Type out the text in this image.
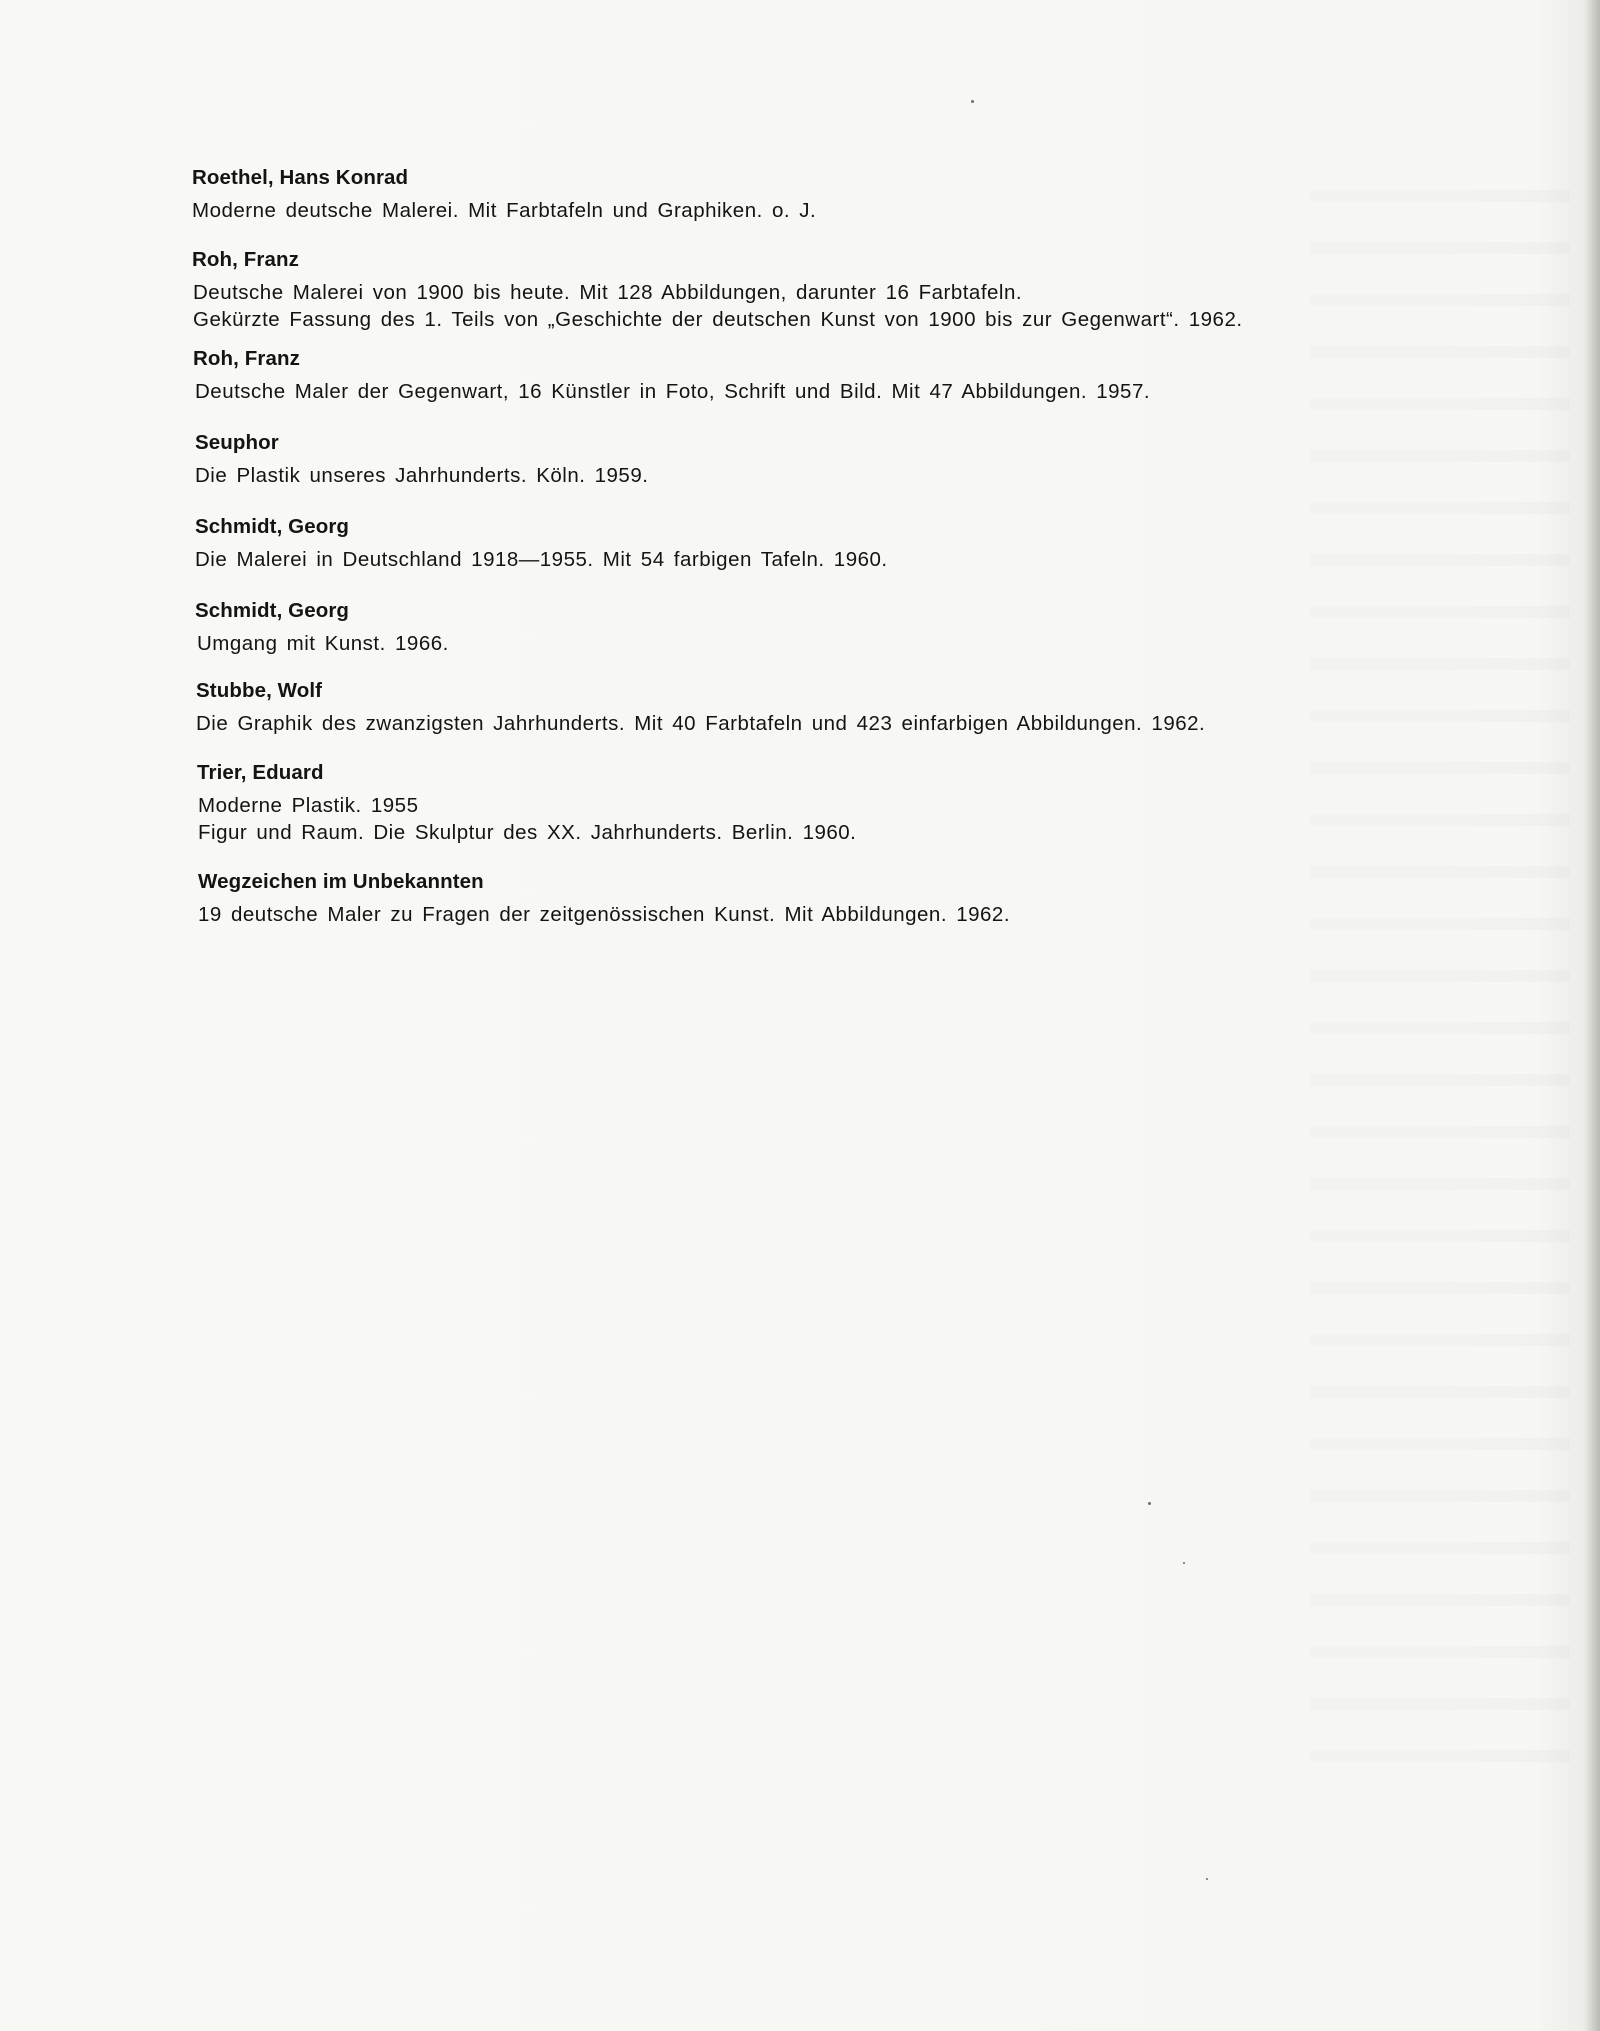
Roethel, Hans Konrad
Moderne deutsche Malerei. Mit Farbtafeln und Graphiken. o. J.
Roh, Franz
Deutsche Malerei von 1900 bis heute. Mit 128 Abbildungen, darunter 16 Farbtafeln.
Gekürzte Fassung des 1. Teils von „Geschichte der deutschen Kunst von 1900 bis zur Gegenwart“. 1962.
Roh, Franz
Deutsche Maler der Gegenwart, 16 Künstler in Foto, Schrift und Bild. Mit 47 Abbildungen. 1957.
Seuphor
Die Plastik unseres Jahrhunderts. Köln. 1959.
Schmidt, Georg
Die Malerei in Deutschland 1918—1955. Mit 54 farbigen Tafeln. 1960.
Schmidt, Georg
Umgang mit Kunst. 1966.
Stubbe, Wolf
Die Graphik des zwanzigsten Jahrhunderts. Mit 40 Farbtafeln und 423 einfarbigen Abbildungen. 1962.
Trier, Eduard
Moderne Plastik. 1955
Figur und Raum. Die Skulptur des XX. Jahrhunderts. Berlin. 1960.
Wegzeichen im Unbekannten
19 deutsche Maler zu Fragen der zeitgenössischen Kunst. Mit Abbildungen. 1962.
